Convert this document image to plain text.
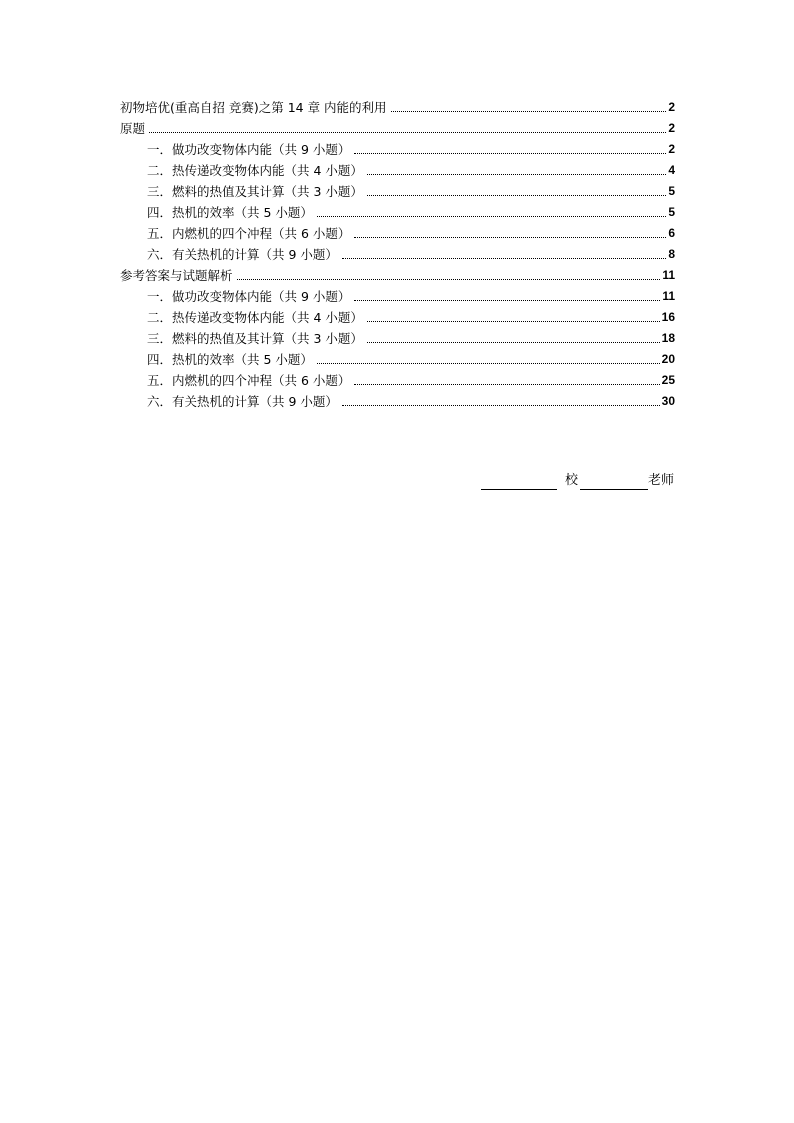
初物培优(重高自招 竞赛)之第 14 章 内能的利用	2
原题	2
一．做功改变物体内能（共 9 小题）	2
二．热传递改变物体内能（共 4 小题）	4
三．燃料的热值及其计算（共 3 小题）	5
四．热机的效率（共 5 小题）	5
五．内燃机的四个冲程（共 6 小题）	6
六．有关热机的计算（共 9 小题）	8
参考答案与试题解析	11
一．做功改变物体内能（共 9 小题）	11
二．热传递改变物体内能（共 4 小题）	16
三．燃料的热值及其计算（共 3 小题）	18
四．热机的效率（共 5 小题）	20
五．内燃机的四个冲程（共 6 小题）	25
六．有关热机的计算（共 9 小题）	30
校	老师
